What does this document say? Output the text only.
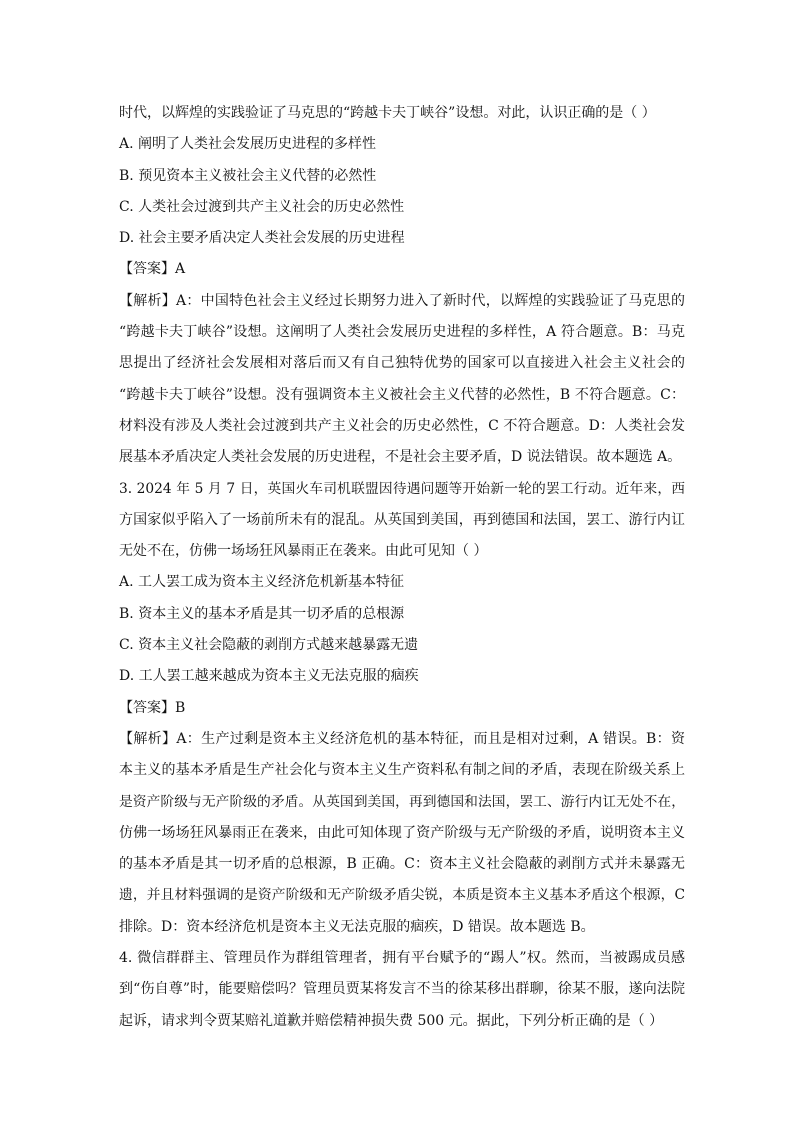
时代，以辉煌的实践验证了马克思的“跨越卡夫丁峡谷”设想。对此，认识正确的是（ ）
A. 阐明了人类社会发展历史进程的多样性
B. 预见资本主义被社会主义代替的必然性
C. 人类社会过渡到共产主义社会的历史必然性
D. 社会主要矛盾决定人类社会发展的历史进程
【答案】A
【解析】A：中国特色社会主义经过长期努力进入了新时代，以辉煌的实践验证了马克思的
“跨越卡夫丁峡谷”设想。这阐明了人类社会发展历史进程的多样性，A 符合题意。B：马克
思提出了经济社会发展相对落后而又有自己独特优势的国家可以直接进入社会主义社会的
“跨越卡夫丁峡谷”设想。没有强调资本主义被社会主义代替的必然性，B 不符合题意。C：
材料没有涉及人类社会过渡到共产主义社会的历史必然性，C 不符合题意。D：人类社会发
展基本矛盾决定人类社会发展的历史进程，不是社会主要矛盾，D 说法错误。故本题选 A。
3. 2024 年 5 月 7 日，英国火车司机联盟因待遇问题等开始新一轮的罢工行动。近年来，西
方国家似乎陷入了一场前所未有的混乱。从英国到美国，再到德国和法国，罢工、游行内讧
无处不在，仿佛一场场狂风暴雨正在袭来。由此可见知（ ）
A. 工人罢工成为资本主义经济危机新基本特征
B. 资本主义的基本矛盾是其一切矛盾的总根源
C. 资本主义社会隐蔽的剥削方式越来越暴露无遗
D. 工人罢工越来越成为资本主义无法克服的痼疾
【答案】B
【解析】A：生产过剩是资本主义经济危机的基本特征，而且是相对过剩，A 错误。B：资
本主义的基本矛盾是生产社会化与资本主义生产资料私有制之间的矛盾，表现在阶级关系上
是资产阶级与无产阶级的矛盾。从英国到美国，再到德国和法国，罢工、游行内讧无处不在，
仿佛一场场狂风暴雨正在袭来，由此可知体现了资产阶级与无产阶级的矛盾，说明资本主义
的基本矛盾是其一切矛盾的总根源，B 正确。C：资本主义社会隐蔽的剥削方式并未暴露无
遗，并且材料强调的是资产阶级和无产阶级矛盾尖锐，本质是资本主义基本矛盾这个根源，C
排除。D：资本经济危机是资本主义无法克服的痼疾，D 错误。故本题选 B。
4. 微信群群主、管理员作为群组管理者，拥有平台赋予的“踢人”权。然而，当被踢成员感
到“伤自尊”时，能要赔偿吗？管理员贾某将发言不当的徐某移出群聊，徐某不服，遂向法院
起诉，请求判令贾某赔礼道歉并赔偿精神损失费 500 元。据此，下列分析正确的是（ ）
